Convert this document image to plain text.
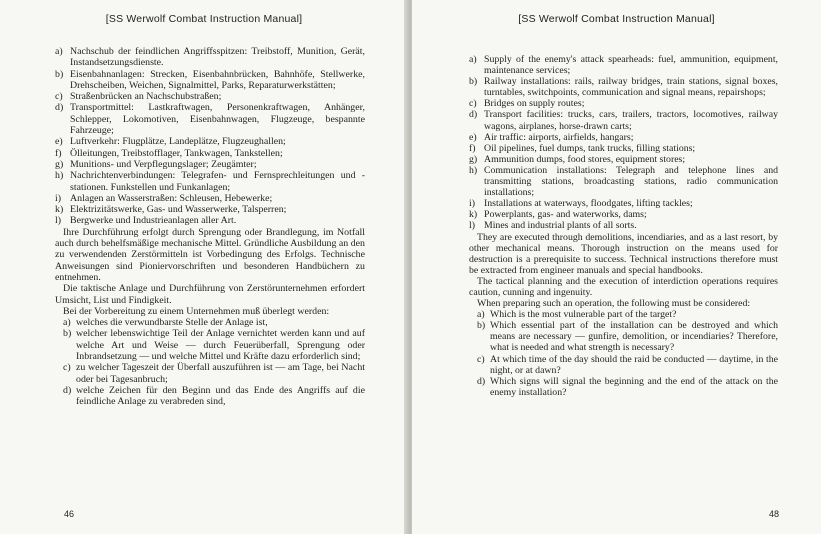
[SS Werwolf Combat Instruction Manual]
a) Nachschub der feindlichen Angriffsspitzen: Treibstoff, Munition, Gerät, Instandsetzungsdienste.
b) Eisenbahnanlagen: Strecken, Eisenbahnbrücken, Bahnhöfe, Stellwerke, Drehscheiben, Weichen, Signalmittel, Parks, Reparaturwerkstätten;
c) Straßenbrücken an Nachschubstraßen;
d) Transportmittel: Lastkraftwagen, Personenkraftwagen, Anhänger, Schlepper, Lokomotiven, Eisenbahnwagen, Flugzeuge, bespannte Fahrzeuge;
e) Luftverkehr: Flugplätze, Landeplätze, Flugzeughallen;
f) Ölleitungen, Treibstofflager, Tankwagen, Tankstellen;
g) Munitions- und Verpflegungslager; Zeugämter;
h) Nachrichtenverbindungen: Telegrafen- und Fernsprechleitungen und -stationen. Funkstellen und Funkanlagen;
i) Anlagen an Wasserstraßen: Schleusen, Hebewerke;
k) Elektrizitätswerke, Gas- und Wasserwerke, Talsperren;
l) Bergwerke und Industrieanlagen aller Art.
Ihre Durchführung erfolgt durch Sprengung oder Brandlegung, im Notfall auch durch behelfsmäßige mechanische Mittel. Gründliche Ausbildung an den zu verwendenden Zerstörmitteln ist Vorbedingung des Erfolgs. Technische Anweisungen sind Pioniervorschriften und besonderen Handbüchern zu entnehmen.
Die taktische Anlage und Durchführung von Zerstörunternehmen erfordert Umsicht, List und Findigkeit.
Bei der Vorbereitung zu einem Unternehmen muß überlegt werden:
a) welches die verwundbarste Stelle der Anlage ist,
b) welcher lebenswichtige Teil der Anlage vernichtet werden kann und auf welche Art und Weise — durch Feuerüberfall, Sprengung oder Inbrandsetzung — und welche Mittel und Kräfte dazu erforderlich sind;
c) zu welcher Tageszeit der Überfall auszuführen ist — am Tage, bei Nacht oder bei Tagesanbruch;
d) welche Zeichen für den Beginn und das Ende des Angriffs auf die feindliche Anlage zu verabreden sind,
46
[SS Werwolf Combat Instruction Manual]
a) Supply of the enemy's attack spearheads: fuel, ammunition, equipment, maintenance services;
b) Railway installations: rails, railway bridges, train stations, signal boxes, turntables, switchpoints, communication and signal means, repairshops;
c) Bridges on supply routes;
d) Transport facilities: trucks, cars, trailers, tractors, locomotives, railway wagons, airplanes, horse-drawn carts;
e) Air traffic: airports, airfields, hangars;
f) Oil pipelines, fuel dumps, tank trucks, filling stations;
g) Ammunition dumps, food stores, equipment stores;
h) Communication installations: Telegraph and telephone lines and transmitting stations, broadcasting stations, radio communication installations;
i) Installations at waterways, floodgates, lifting tackles;
k) Powerplants, gas- and waterworks, dams;
l) Mines and industrial plants of all sorts.
They are executed through demolitions, incendiaries, and as a last resort, by other mechanical means. Thorough instruction on the means used for destruction is a prerequisite to success. Technical instructions therefore must be extracted from engineer manuals and special handbooks.
The tactical planning and the execution of interdiction operations requires caution, cunning and ingenuity.
When preparing such an operation, the following must be considered:
a) Which is the most vulnerable part of the target?
b) Which essential part of the installation can be destroyed and which means are necessary — gunfire, demolition, or incendiaries? Therefore, what is needed and what strength is necessary?
c) At which time of the day should the raid be conducted — daytime, in the night, or at dawn?
d) Which signs will signal the beginning and the end of the attack on the enemy installation?
48
